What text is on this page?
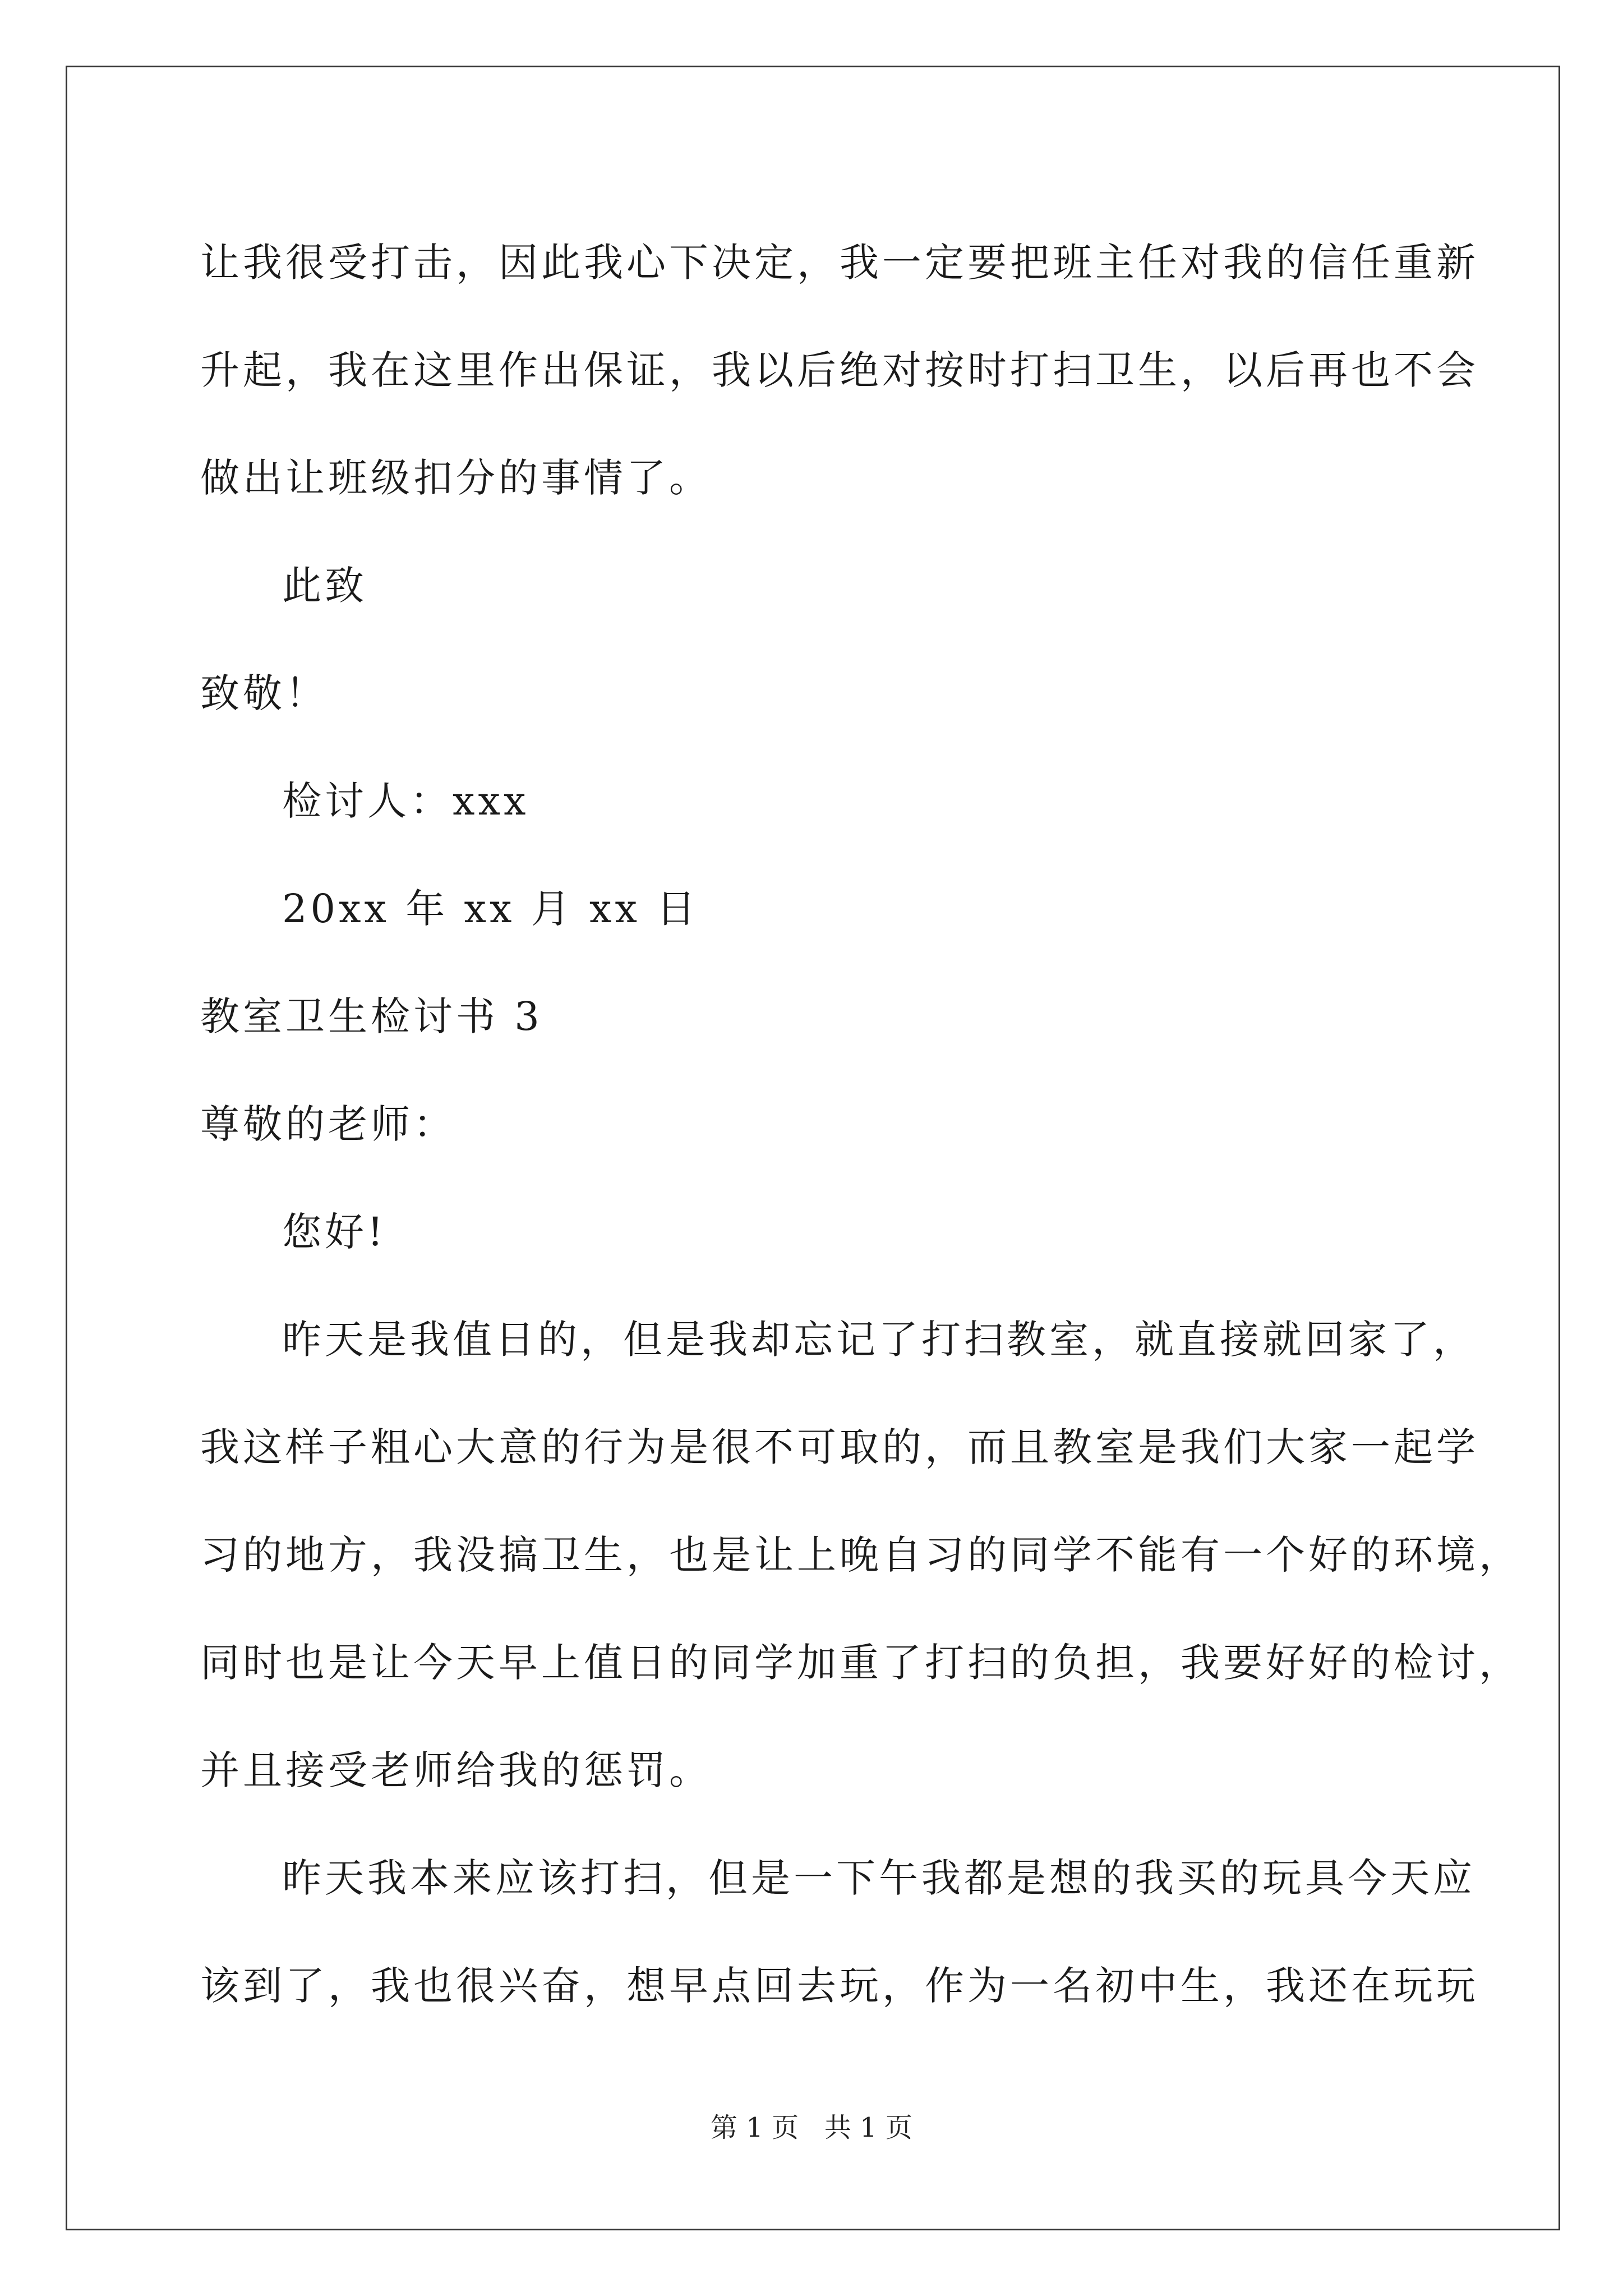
让我很受打击，因此我心下决定，我一定要把班主任对我的信任重新
升起，我在这里作出保证，我以后绝对按时打扫卫生，以后再也不会
做出让班级扣分的事情了。
此致
致敬！
检讨人：xxx
20xx 年 xx 月 xx 日
教室卫生检讨书 3
尊敬的老师：
您好!
昨天是我值日的，但是我却忘记了打扫教室，就直接就回家了，
我这样子粗心大意的行为是很不可取的，而且教室是我们大家一起学
习的地方，我没搞卫生，也是让上晚自习的同学不能有一个好的环境，
同时也是让今天早上值日的同学加重了打扫的负担，我要好好的检讨，
并且接受老师给我的惩罚。
昨天我本来应该打扫，但是一下午我都是想的我买的玩具今天应
该到了，我也很兴奋，想早点回去玩，作为一名初中生，我还在玩玩
第 1 页 共 1 页
